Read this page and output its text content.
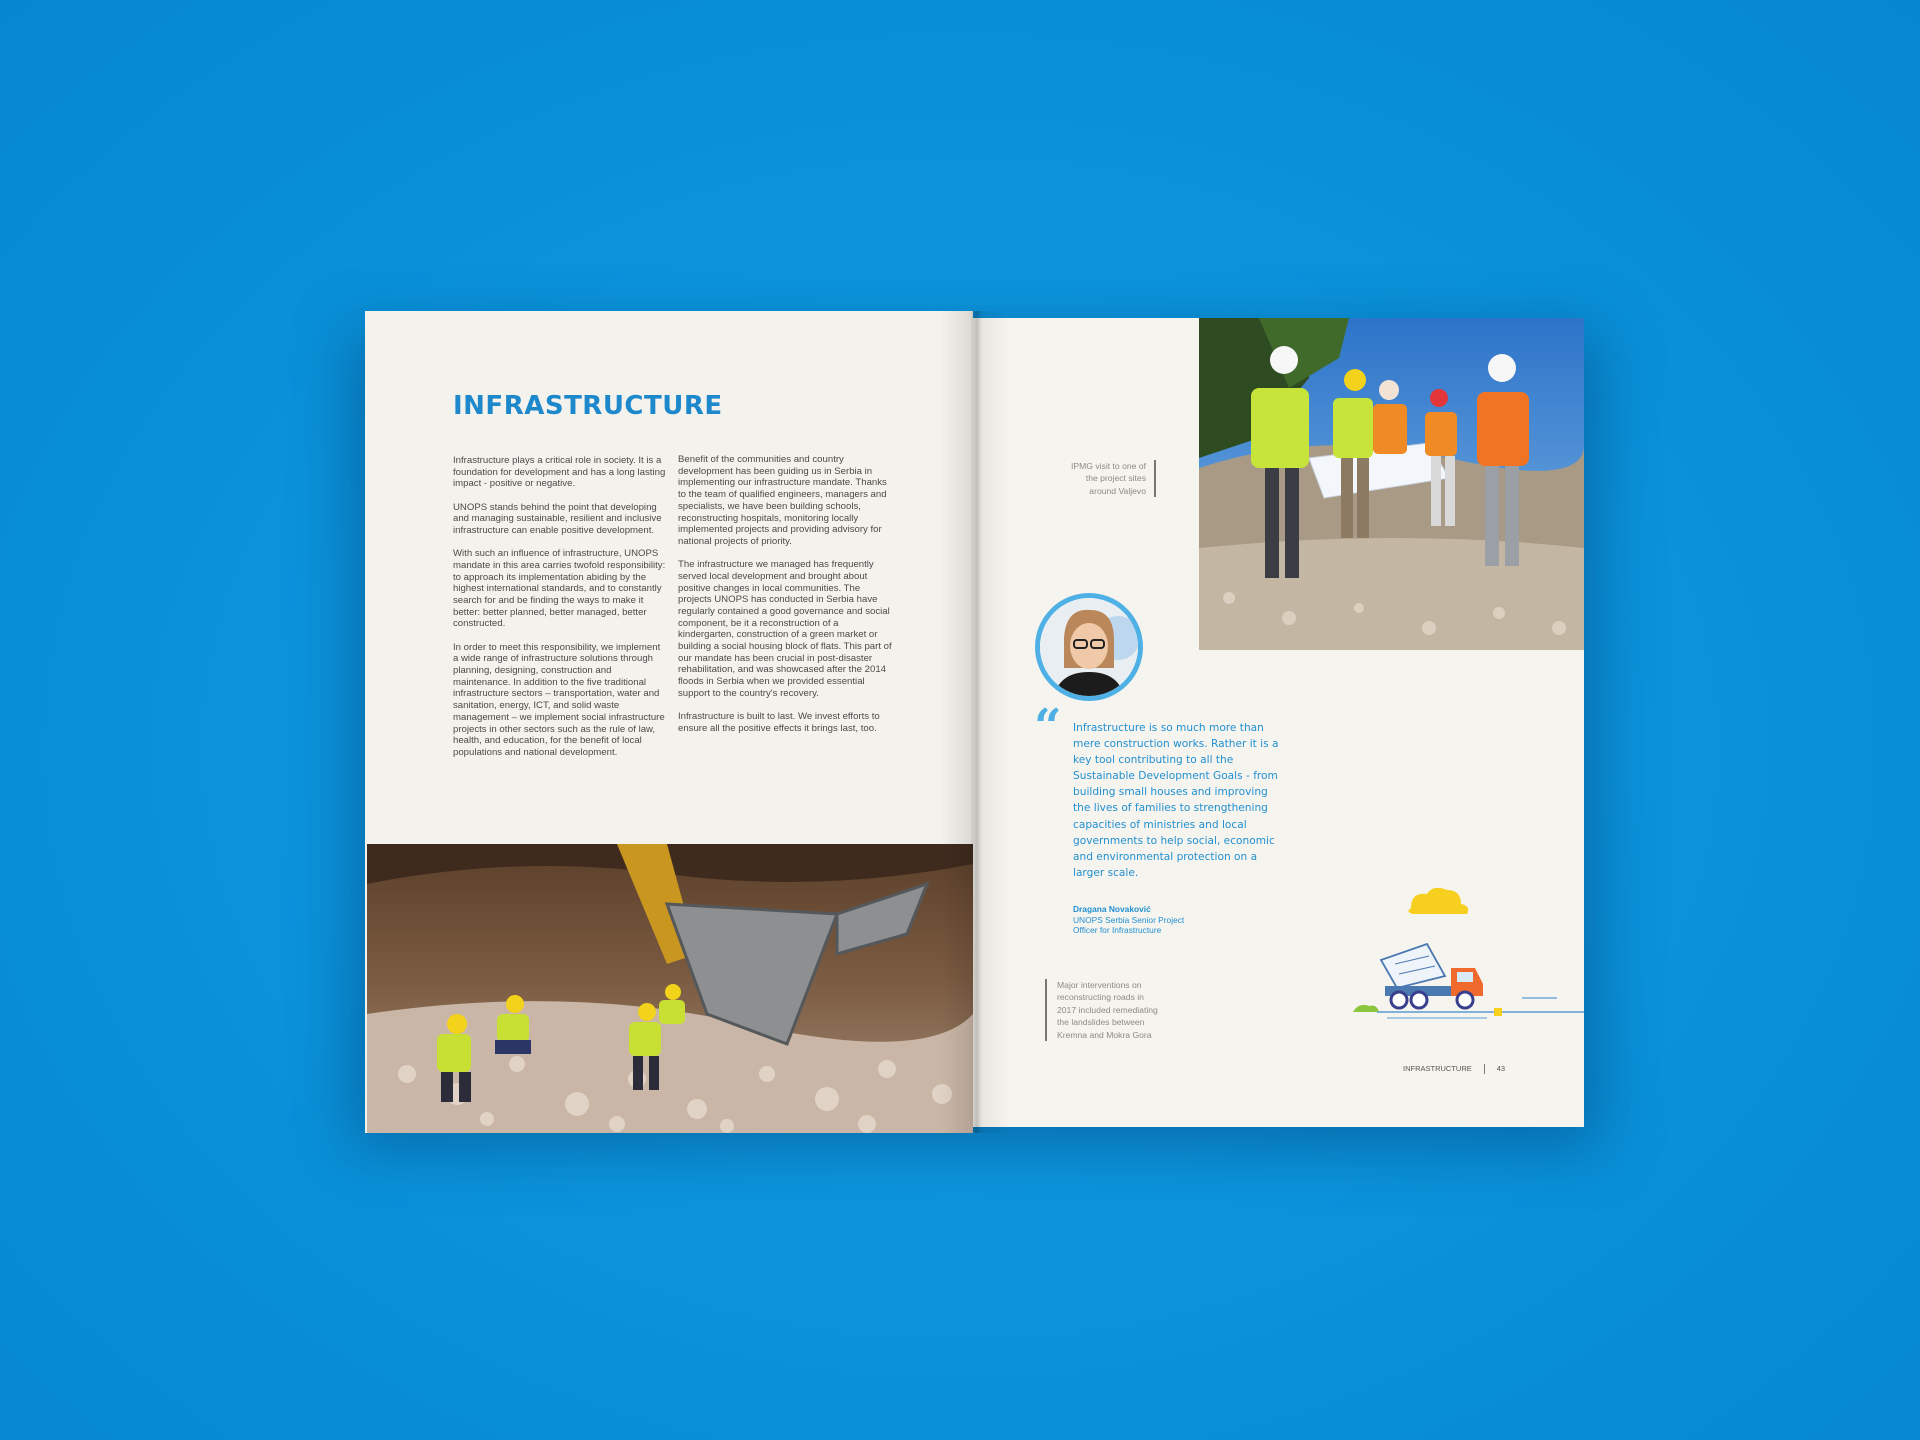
INFRASTRUCTURE

Infrastructure plays a critical role in society. It is a foundation for development and has a long lasting impact - positive or negative.

UNOPS stands behind the point that developing and managing sustainable, resilient and inclusive infrastructure can enable positive development.

With such an influence of infrastructure, UNOPS mandate in this area carries twofold responsibility: to approach its implementation abiding by the highest international standards, and to constantly search for and be finding the ways to make it better: better planned, better managed, better constructed.

In order to meet this responsibility, we implement a wide range of infrastructure solutions through planning, designing, construction and maintenance. In addition to the five traditional infrastructure sectors – transportation, water and sanitation, energy, ICT, and solid waste management – we implement social infrastructure projects in other sectors such as the rule of law, health, and education, for the benefit of local populations and national development.

Benefit of the communities and country development has been guiding us in Serbia in implementing our infrastructure mandate. Thanks to the team of qualified engineers, managers and specialists, we have been building schools, reconstructing hospitals, monitoring locally implemented projects and providing advisory for national projects of priority.

The infrastructure we managed has frequently served local development and brought about positive changes in local communities. The projects UNOPS has conducted in Serbia have regularly contained a good governance and social component, be it a reconstruction of a kindergarten, construction of a green market or building a social housing block of flats. This part of our mandate has been crucial in post-disaster rehabilitation, and was showcased after the 2014 floods in Serbia when we provided essential support to the country's recovery.

Infrastructure is built to last. We invest efforts to ensure all the positive effects it brings last, too.

IPMG visit to one of the project sites around Valjevo
“ Infrastructure is so much more than mere construction works. Rather it is a key tool contributing to all the Sustainable Development Goals - from building small houses and improving the lives of families to strengthening capacities of ministries and local governments to help social, economic and environmental protection on a larger scale.
Dragana Novaković
UNOPS Serbia Senior Project Officer for Infrastructure
Major interventions on reconstructing roads in 2017 included remediating the landslides between Kremna and Mokra Gora
INFRASTRUCTURE	43
